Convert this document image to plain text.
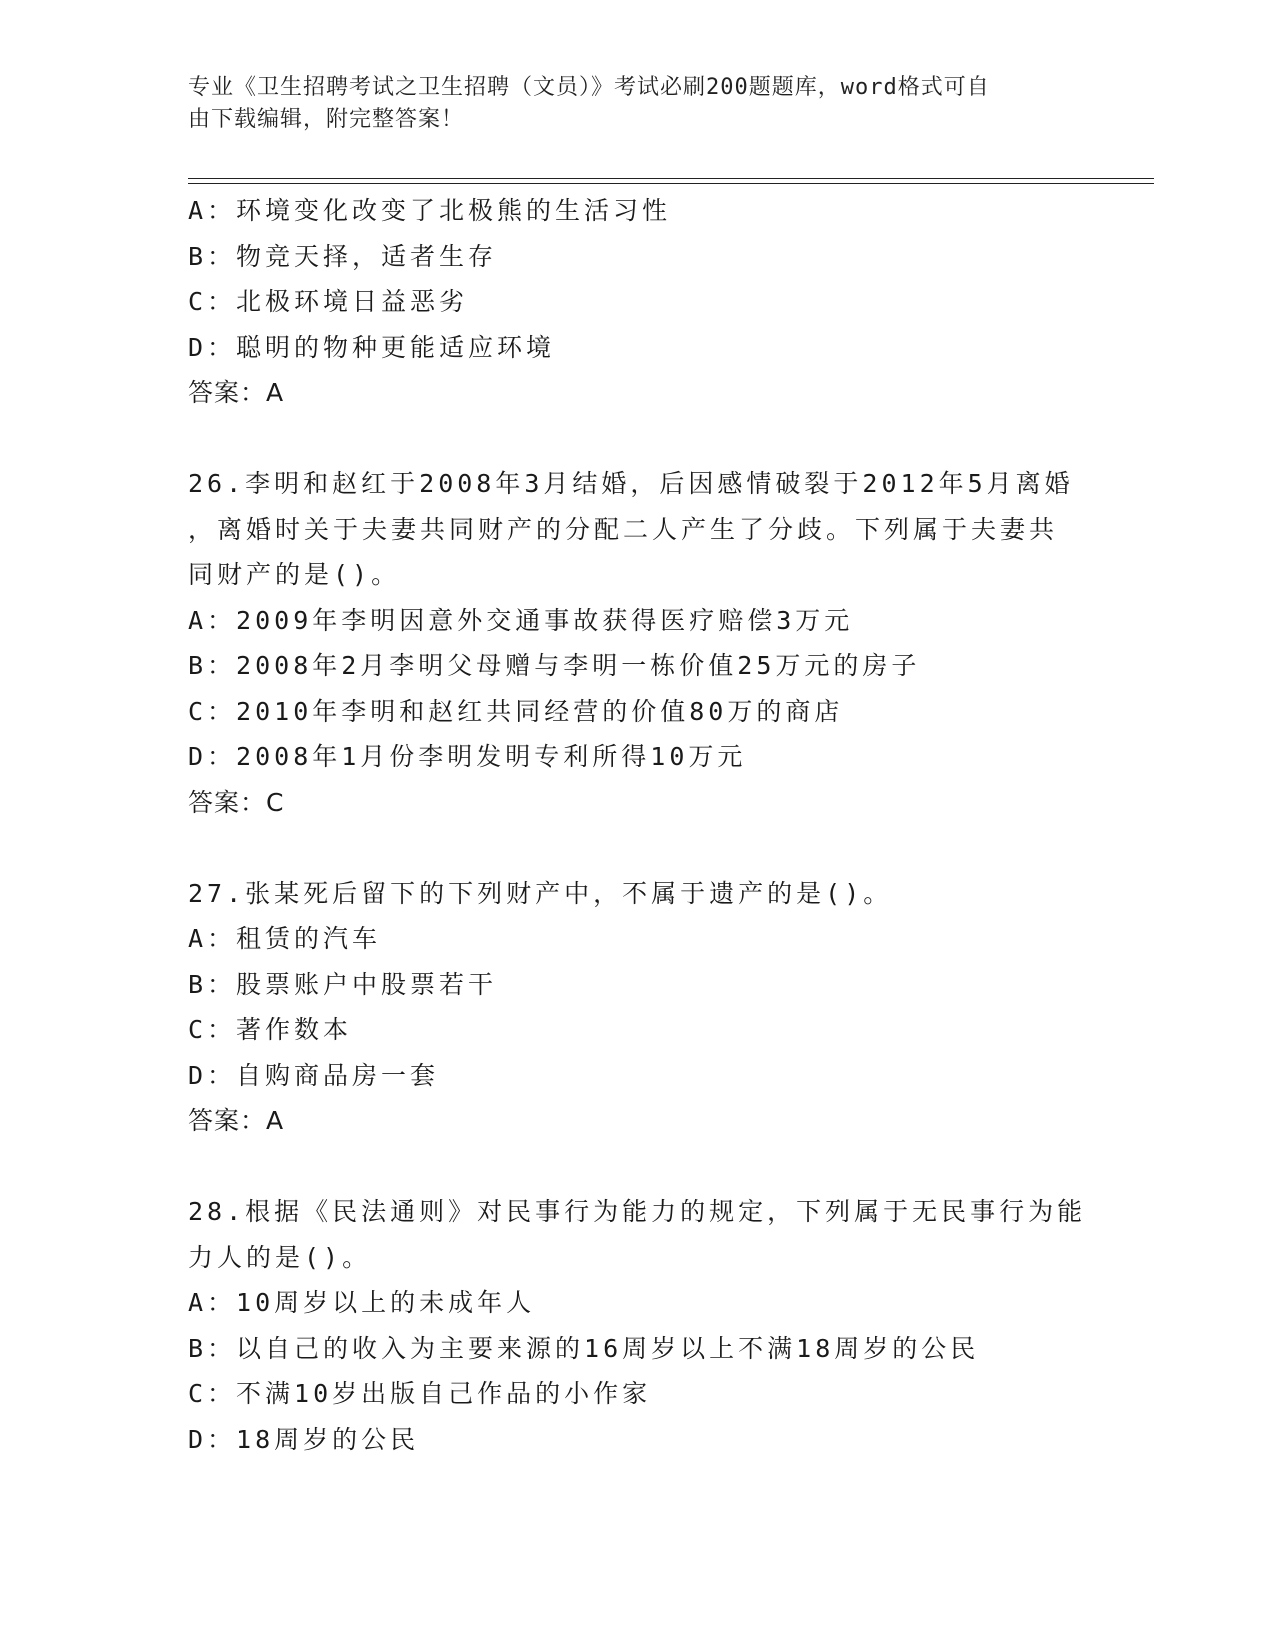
专业《卫生招聘考试之卫生招聘（文员）》考试必刷200题题库，word格式可自
由下载编辑，附完整答案！
A：环境变化改变了北极熊的生活习性
B：物竞天择，适者生存
C：北极环境日益恶劣
D：聪明的物种更能适应环境
答案：A
26.李明和赵红于2008年3月结婚，后因感情破裂于2012年5月离婚
，离婚时关于夫妻共同财产的分配二人产生了分歧。下列属于夫妻共
同财产的是()。
A：2009年李明因意外交通事故获得医疗赔偿3万元
B：2008年2月李明父母赠与李明一栋价值25万元的房子
C：2010年李明和赵红共同经营的价值80万的商店
D：2008年1月份李明发明专利所得10万元
答案：C
27.张某死后留下的下列财产中，不属于遗产的是()。
A：租赁的汽车
B：股票账户中股票若干
C：著作数本
D：自购商品房一套
答案：A
28.根据《民法通则》对民事行为能力的规定，下列属于无民事行为能
力人的是()。
A：10周岁以上的未成年人
B：以自己的收入为主要来源的16周岁以上不满18周岁的公民
C：不满10岁出版自己作品的小作家
D：18周岁的公民
